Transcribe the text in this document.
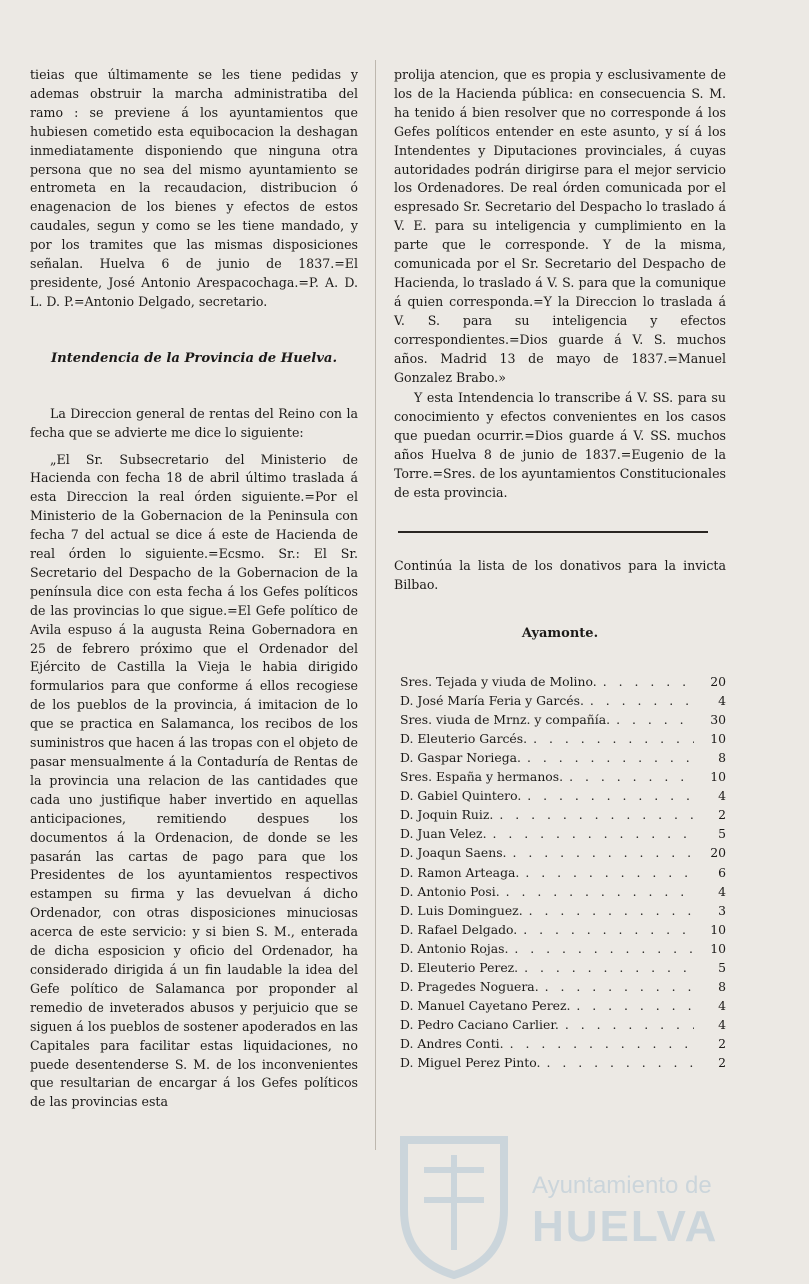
tieias que últimamente se les tiene pedidas y ademas obstruir la marcha administratiba del ramo : se previene á los ayuntamientos que hubiesen cometido esta equibocacion la deshagan inmediatamente disponiendo que ninguna otra persona que no sea del mismo ayuntamiento se entrometa en la recaudacion, distribucion ó enagenacion de los bienes y efectos de estos caudales, segun y como se les tiene mandado, y por los tramites que las mismas disposiciones señalan. Huelva 6 de junio de 1837.=El presidente, José Antonio Arespacochaga.=P. A. D. L. D. P.=Antonio Delgado, secretario.

Intendencia de la Provincia de Huelva.

La Direccion general de rentas del Reino con la fecha que se advierte me dice lo siguiente:

„El Sr. Subsecretario del Ministerio de Hacienda con fecha 18 de abril último traslada á esta Direccion la real órden siguiente.=Por el Ministerio de la Gobernacion de la Peninsula con fecha 7 del actual se dice á este de Hacienda de real órden lo siguiente.=Ecsmo. Sr.: El Sr. Secretario del Despacho de la Gobernacion de la península dice con esta fecha á los Gefes políticos de las provincias lo que sigue.=El Gefe político de Avila espuso á la augusta Reina Gobernadora en 25 de febrero próximo que el Ordenador del Ejército de Castilla la Vieja le habia dirigido formularios para que conforme á ellos recogiese de los pueblos de la provincia, á imitacion de lo que se practica en Salamanca, los recibos de los suministros que hacen á las tropas con el objeto de pasar mensualmente á la Contaduría de Rentas de la provincia una relacion de las cantidades que cada uno justifique haber invertido en aquellas anticipaciones, remitiendo despues los documentos á la Ordenacion, de donde se les pasarán las cartas de pago para que los Presidentes de los ayuntamientos respectivos estampen su firma y las devuelvan á dicho Ordenador, con otras disposiciones minuciosas acerca de este servicio: y si bien S. M., enterada de dicha esposicion y oficio del Ordenador, ha considerado dirigida á un fin laudable la idea del Gefe político de Salamanca por proponder al remedio de inveterados abusos y perjuicio que se siguen á los pueblos de sostener apoderados en las Capitales para facilitar estas liquidaciones, no puede desentenderse S. M. de los inconvenientes que resultarian de encargar á los Gefes políticos de las provincias esta

prolija atencion, que es propia y esclusivamente de los de la Hacienda pública: en consecuencia S. M. ha tenido á bien resolver que no corresponde á los Gefes políticos entender en este asunto, y sí á los Intendentes y Diputaciones provinciales, á cuyas autoridades podrán dirigirse para el mejor servicio los Ordenadores. De real órden comunicada por el espresado Sr. Secretario del Despacho lo traslado á V. E. para su inteligencia y cumplimiento en la parte que le corresponde. Y de la misma, comunicada por el Sr. Secretario del Despacho de Hacienda, lo traslado á V. S. para que la comunique á quien corresponda.=Y la Direccion lo traslada á V. S. para su inteligencia y efectos correspondientes.=Dios guarde á V. S. muchos años. Madrid 13 de mayo de 1837.=Manuel Gonzalez Brabo.»

Y esta Intendencia lo transcribe á V. SS. para su conocimiento y efectos convenientes en los casos que puedan ocurrir.=Dios guarde á V. SS. muchos años Huelva 8 de junio de 1837.=Eugenio de la Torre.=Sres. de los ayuntamientos Constitucionales de esta provincia.

Continúa la lista de los donativos para la invicta Bilbao.

Ayamonte.
Sres. Tejada y viuda de Molino. . . .	20
D. José María Feria y Garcés. . . .	4
Sres. viuda de Mrnz. y compañía. . . .	30
D. Eleuterio Garcés. . . .	10
D. Gaspar Noriega. . . .	8
Sres. España y hermanos. . . .	10
D. Gabiel Quintero. . . .	4
D. Joquin Ruiz. . . .	2
D. Juan Velez. . . .	5
D. Joaqun Saens. . . .	20
D. Ramon Arteaga. . . .	6
D. Antonio Posi. . . .	4
D. Luis Dominguez. . . .	3
D. Rafael Delgado. . . .	10
D. Antonio Rojas. . . .	10
D. Eleuterio Perez. . . .	5
D. Pragedes Noguera. . . .	8
D. Manuel Cayetano Perez. . . .	4
D. Pedro Caciano Carlier. . . .	4
D. Andres Conti. . . .	2
D. Miguel Perez Pinto. . . .	2
Ayuntamiento de
HUELVA
